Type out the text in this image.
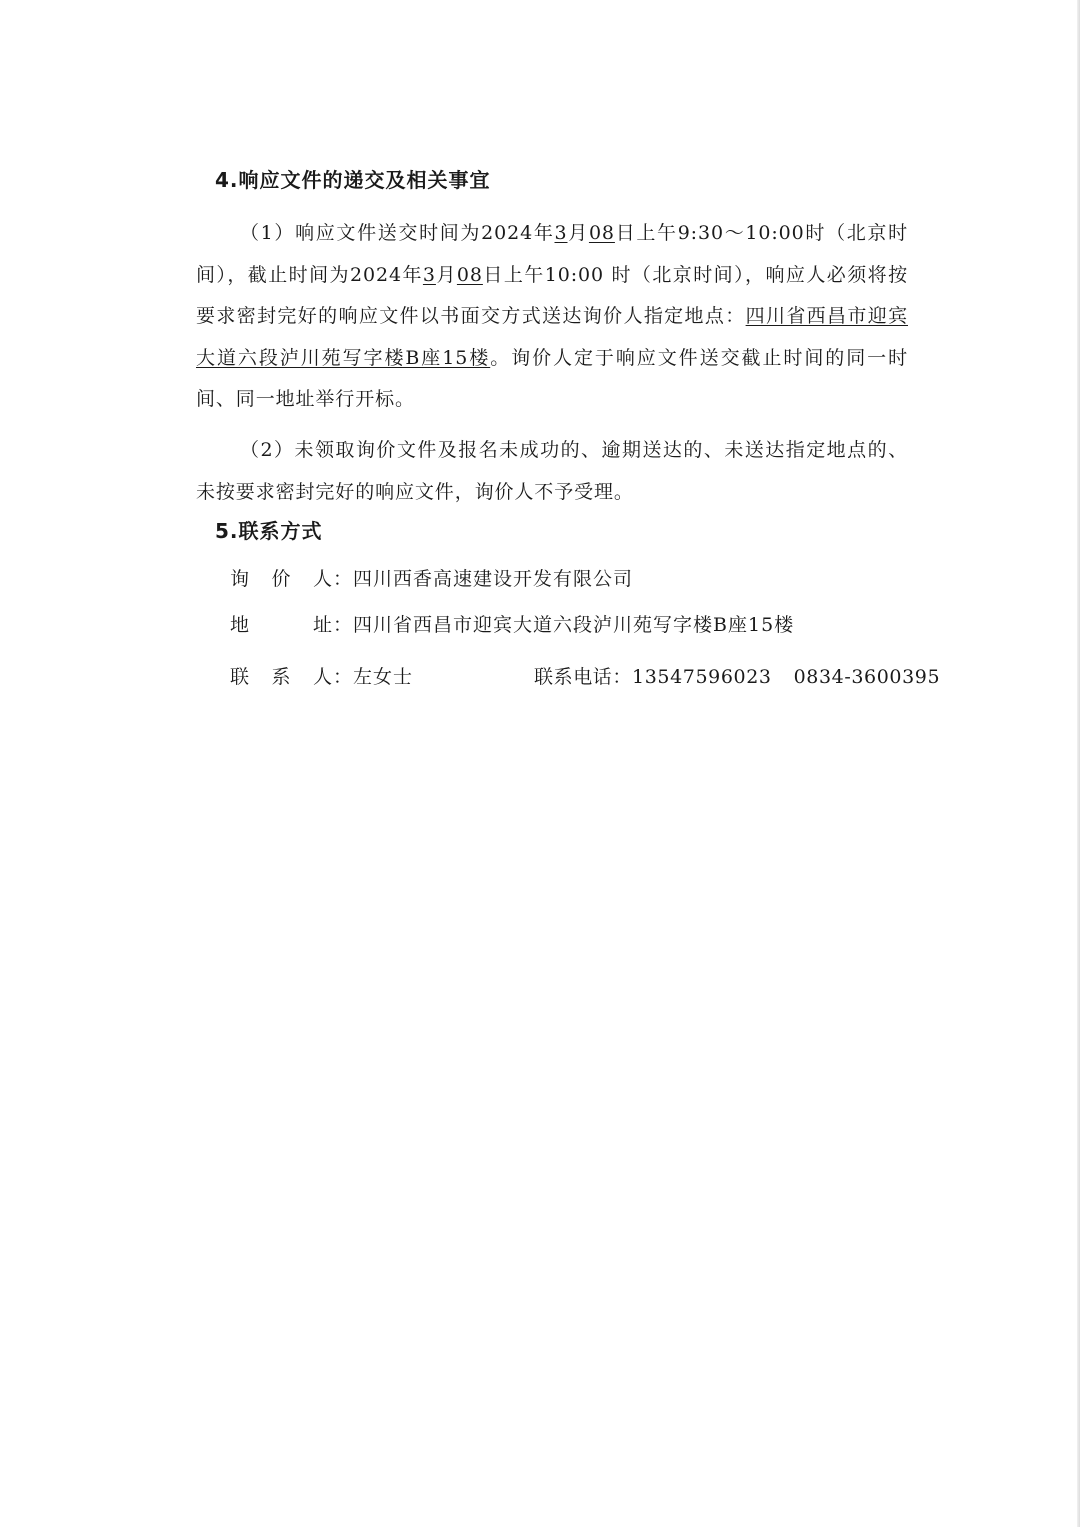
4.响应文件的递交及相关事宜

（1）响应文件送交时间为2024年3月08日上午9:30～10:00时（北京时间），截止时间为2024年3月08日上午10:00 时（北京时间），响应人必须将按要求密封完好的响应文件以书面交方式送达询价人指定地点：四川省西昌市迎宾大道六段泸川苑写字楼B座15楼。询价人定于响应文件送交截止时间的同一时间、同一地址举行开标。

（2）未领取询价文件及报名未成功的、逾期送达的、未送达指定地点的、未按要求密封完好的响应文件，询价人不予受理。

5.联系方式
询价人：四川西香高速建设开发有限公司
地址：四川省西昌市迎宾大道六段泸川苑写字楼B座15楼
联系人：左女士	联系电话：13547596023 0834-3600395
